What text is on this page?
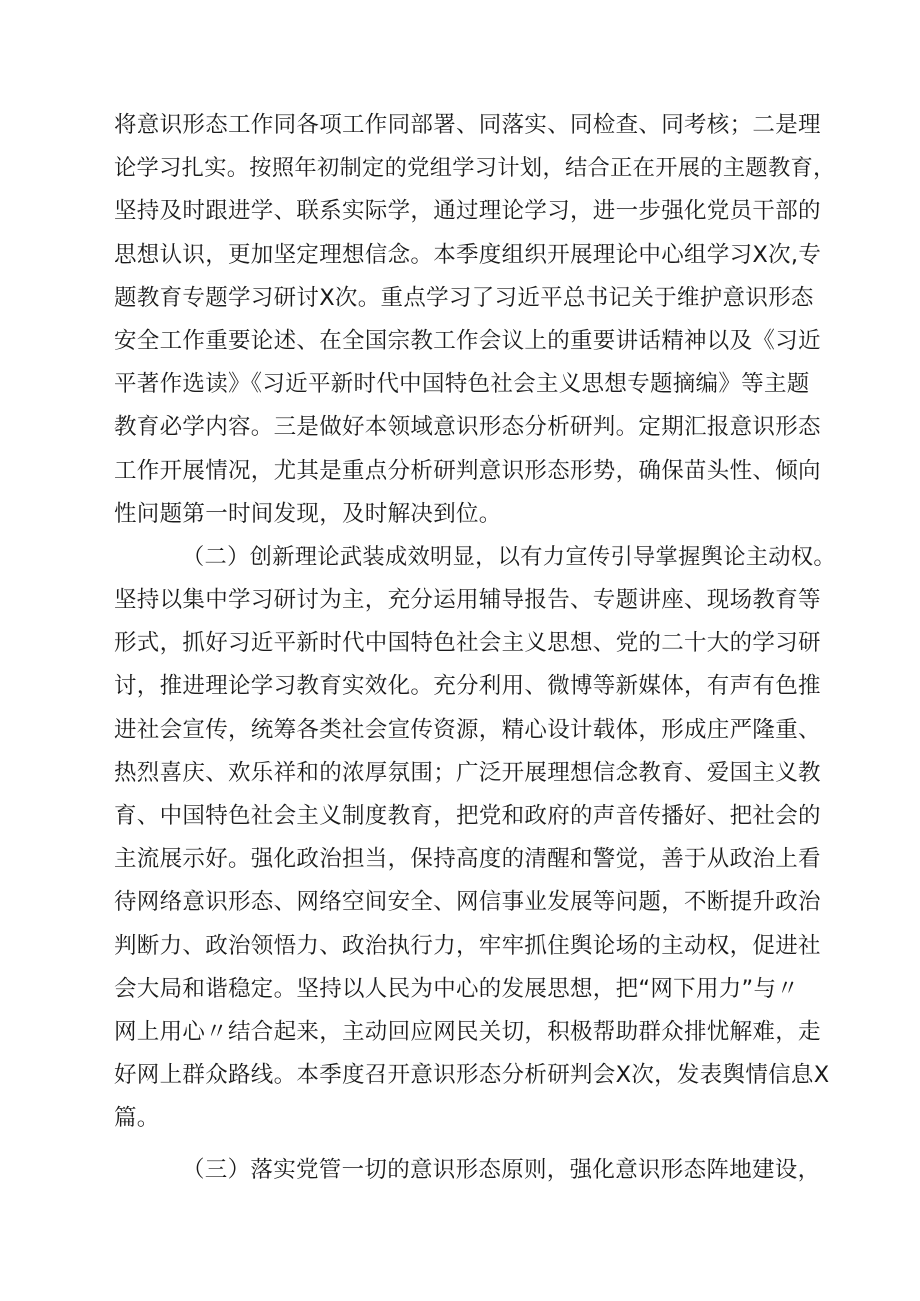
将意识形态工作同各项工作同部署、同落实、同检查、同考核；二是理
论学习扎实。按照年初制定的党组学习计划，结合正在开展的主题教育，
坚持及时跟进学、联系实际学，通过理论学习，进一步强化党员干部的
思想认识，更加坚定理想信念。本季度组织开展理论中心组学习X次,专
题教育专题学习研讨X次。重点学习了习近平总书记关于维护意识形态
安全工作重要论述、在全国宗教工作会议上的重要讲话精神以及《习近
平著作选读》《习近平新时代中国特色社会主义思想专题摘编》等主题
教育必学内容。三是做好本领域意识形态分析研判。定期汇报意识形态
工作开展情况，尤其是重点分析研判意识形态形势，确保苗头性、倾向
性问题第一时间发现，及时解决到位。
（二）创新理论武装成效明显，以有力宣传引导掌握舆论主动权。
坚持以集中学习研讨为主，充分运用辅导报告、专题讲座、现场教育等
形式，抓好习近平新时代中国特色社会主义思想、党的二十大的学习研
讨，推进理论学习教育实效化。充分利用、微博等新媒体，有声有色推
进社会宣传，统筹各类社会宣传资源，精心设计载体，形成庄严隆重、
热烈喜庆、欢乐祥和的浓厚氛围；广泛开展理想信念教育、爱国主义教
育、中国特色社会主义制度教育，把党和政府的声音传播好、把社会的
主流展示好。强化政治担当，保持高度的清醒和警觉，善于从政治上看
待网络意识形态、网络空间安全、网信事业发展等问题，不断提升政治
判断力、政治领悟力、政治执行力，牢牢抓住舆论场的主动权，促进社
会大局和谐稳定。坚持以人民为中心的发展思想，把“网下用力”与〃
网上用心〃结合起来，主动回应网民关切，积极帮助群众排忧解难，走
好网上群众路线。本季度召开意识形态分析研判会X次，发表舆情信息X
篇。
（三）落实党管一切的意识形态原则，强化意识形态阵地建设，
